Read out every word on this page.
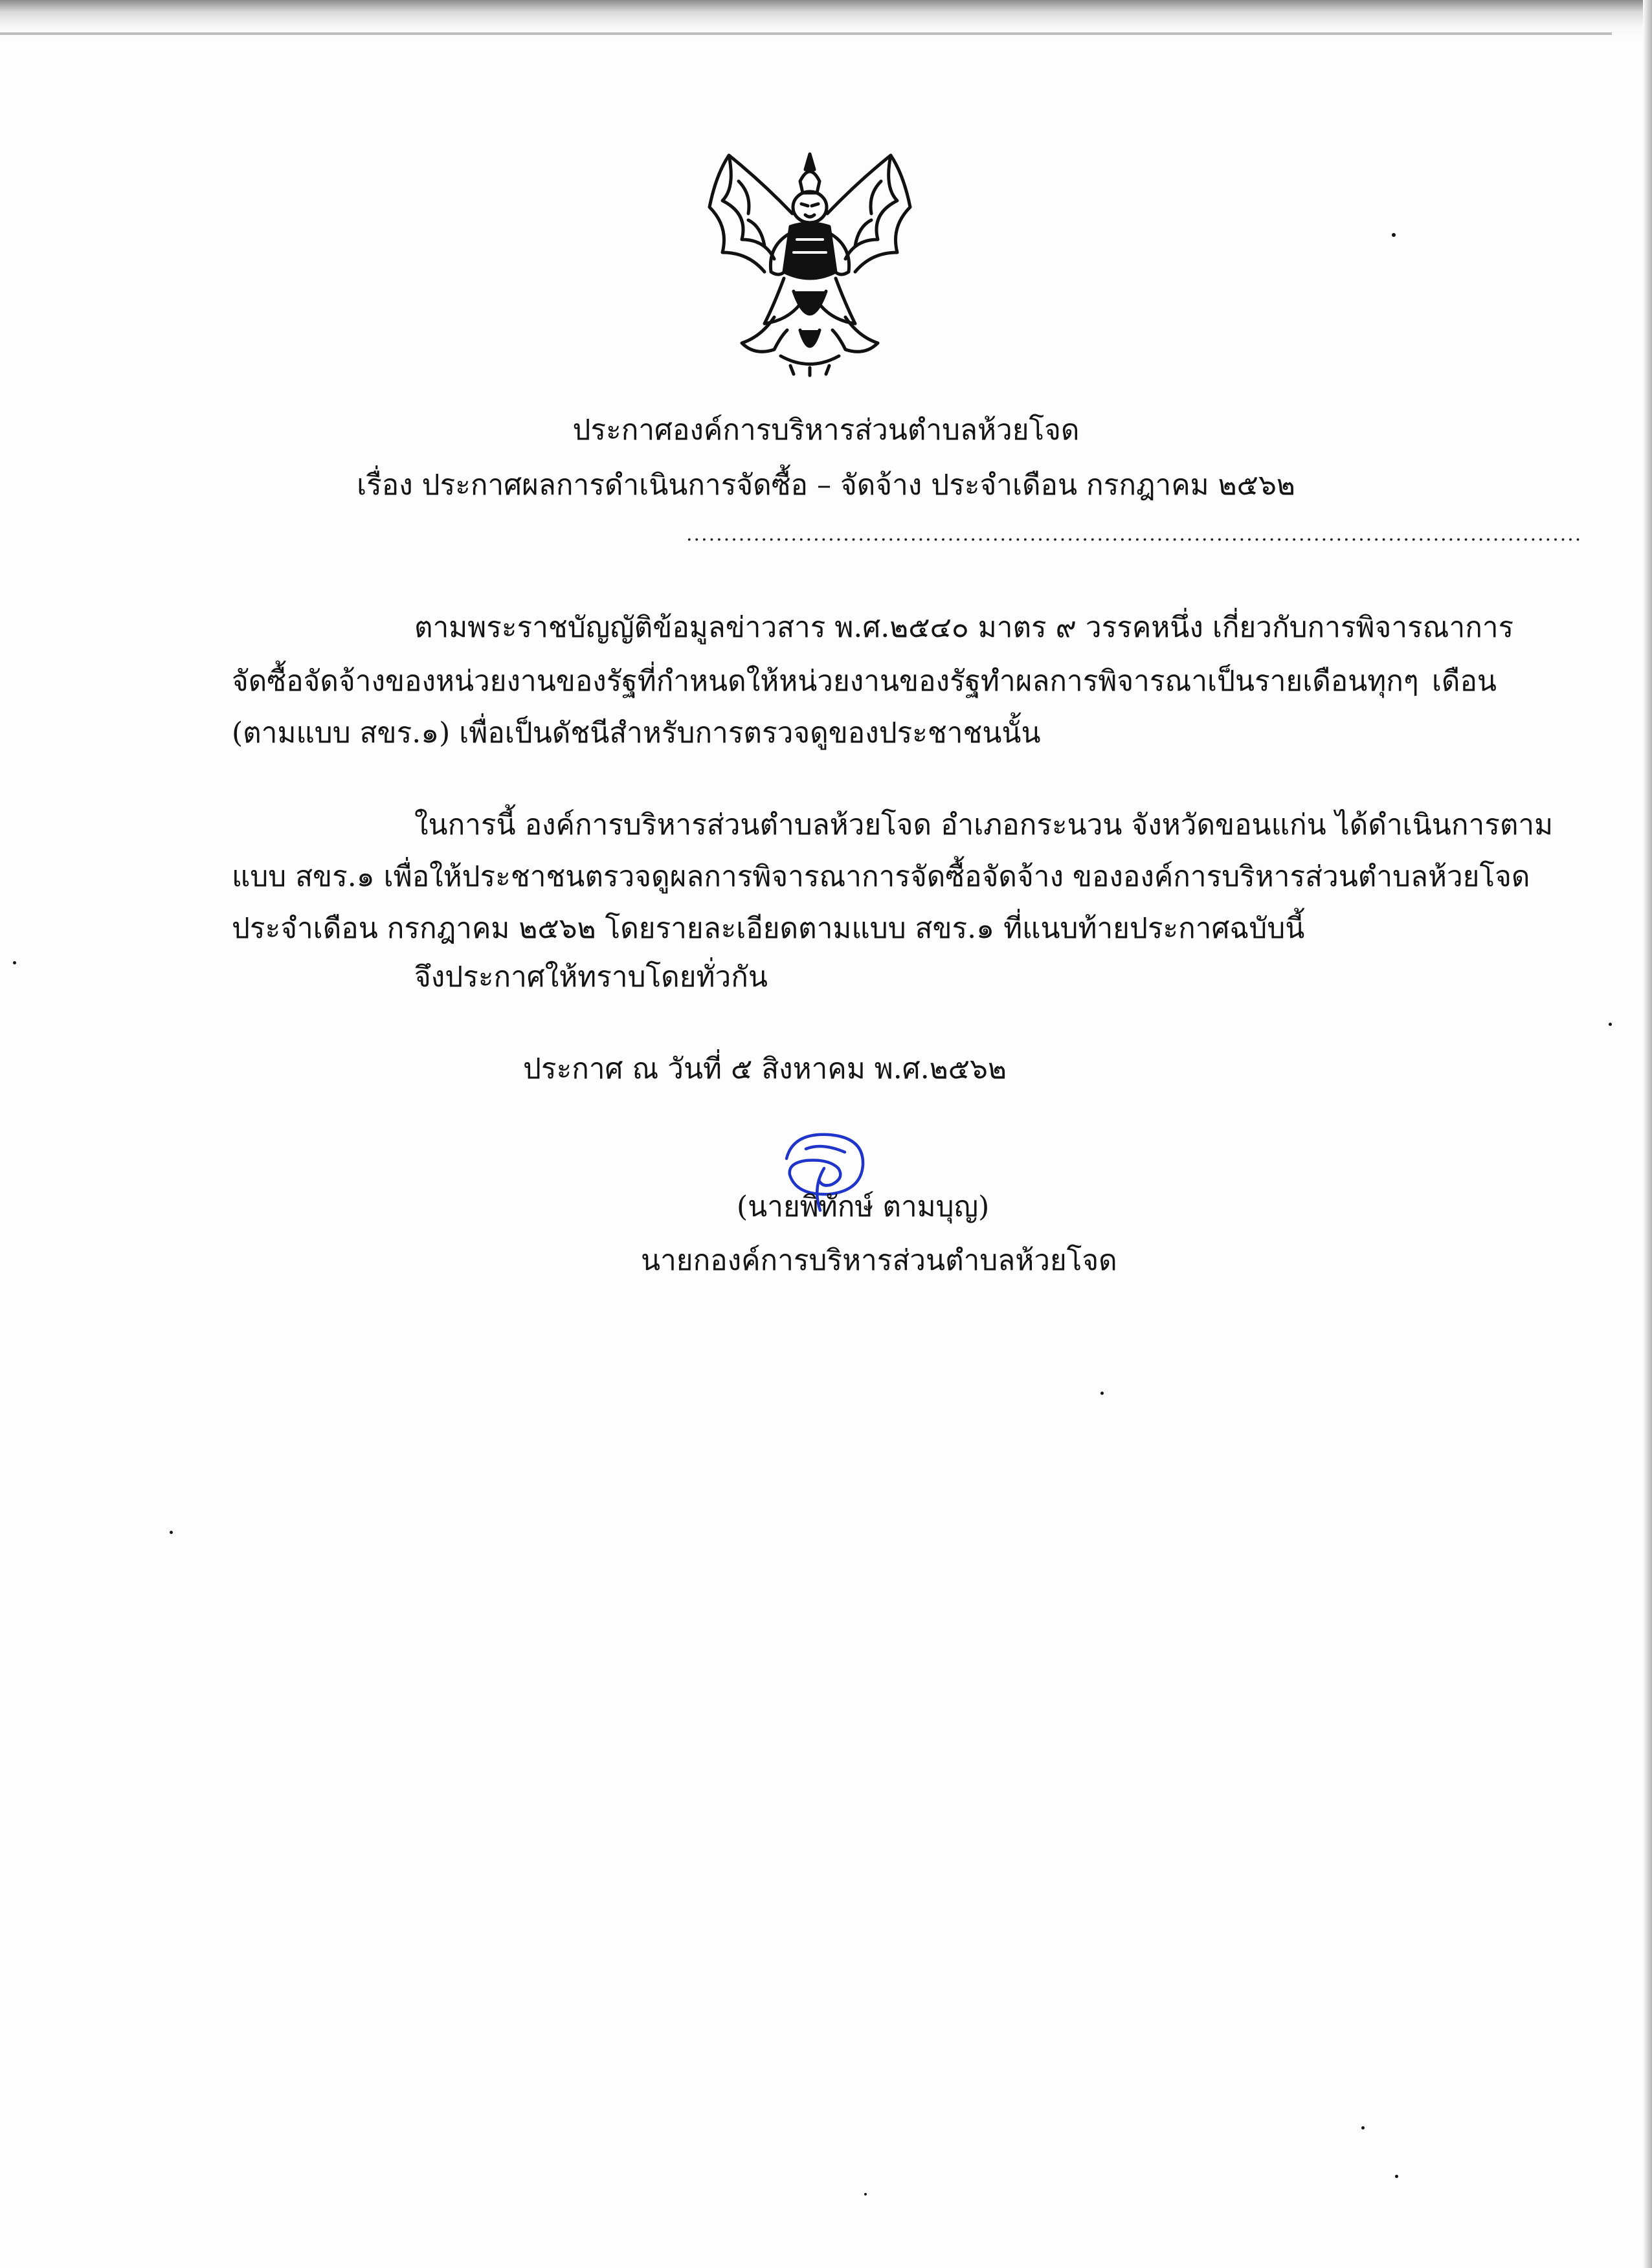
ประกาศองค์การบริหารส่วนตำบลห้วยโจด
เรื่อง ประกาศผลการดำเนินการจัดซื้อ – จัดจ้าง ประจำเดือน กรกฎาคม ๒๕๖๒
........................................................................................................................
ตามพระราชบัญญัติข้อมูลข่าวสาร พ.ศ.๒๕๔๐ มาตร ๙ วรรคหนึ่ง เกี่ยวกับการพิจารณาการ
จัดซื้อจัดจ้างของหน่วยงานของรัฐที่กำหนดให้หน่วยงานของรัฐทำผลการพิจารณาเป็นรายเดือนทุกๆ เดือน
(ตามแบบ สขร.๑) เพื่อเป็นดัชนีสำหรับการตรวจดูของประชาชนนั้น
ในการนี้ องค์การบริหารส่วนตำบลห้วยโจด อำเภอกระนวน จังหวัดขอนแก่น ได้ดำเนินการตาม
แบบ สขร.๑ เพื่อให้ประชาชนตรวจดูผลการพิจารณาการจัดซื้อจัดจ้าง ขององค์การบริหารส่วนตำบลห้วยโจด
ประจำเดือน กรกฎาคม ๒๕๖๒ โดยรายละเอียดตามแบบ สขร.๑ ที่แนบท้ายประกาศฉบับนี้
จึงประกาศให้ทราบโดยทั่วกัน
ประกาศ ณ วันที่ ๕ สิงหาคม พ.ศ.๒๕๖๒
(นายพิทักษ์ ตามบุญ)
นายกองค์การบริหารส่วนตำบลห้วยโจด
